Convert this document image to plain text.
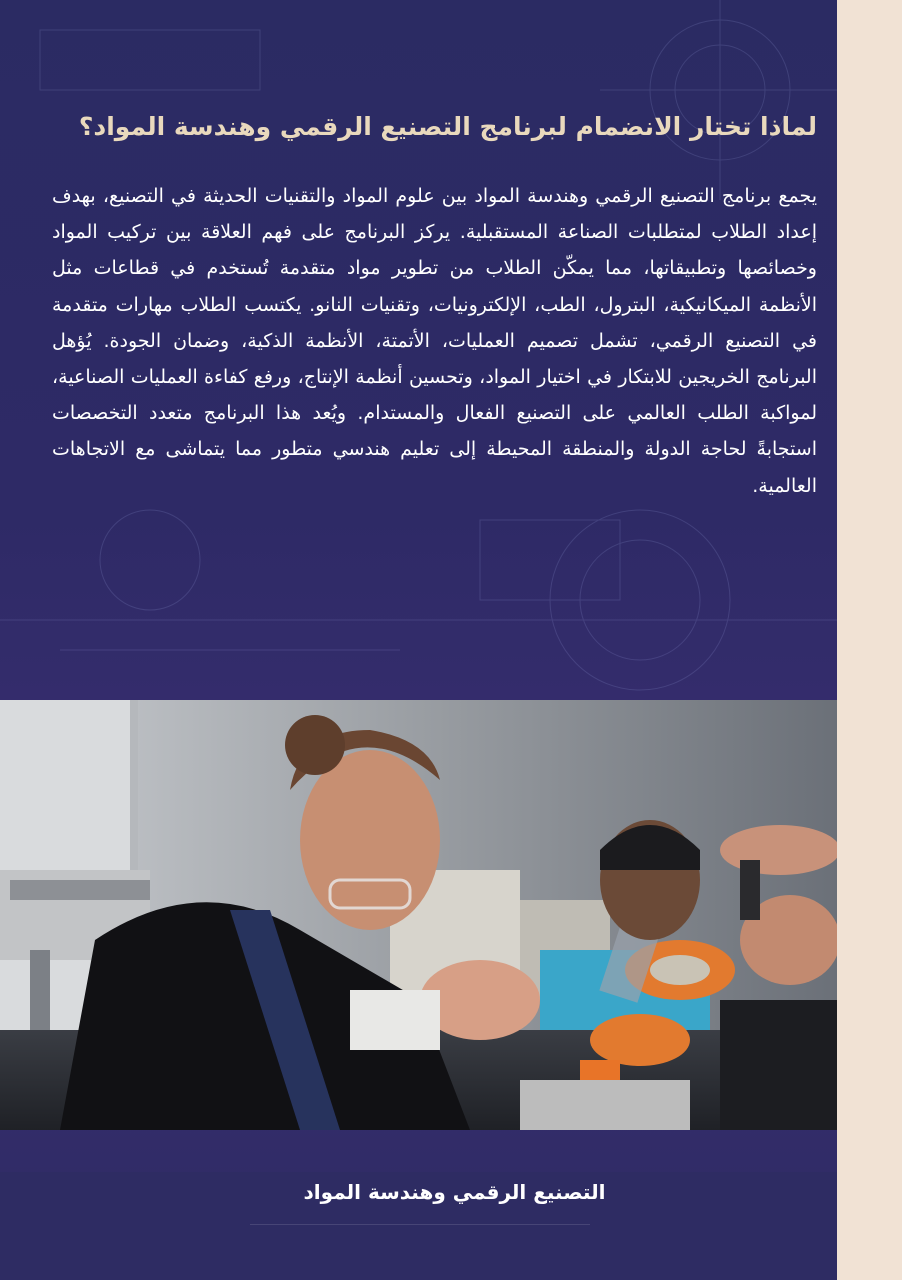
لماذا تختار الانضمام لبرنامج التصنيع الرقمي وهندسة المواد؟

يجمع برنامج التصنيع الرقمي وهندسة المواد بين علوم المواد والتقنيات الحديثة في التصنيع، بهدف إعداد الطلاب لمتطلبات الصناعة المستقبلية. يركز البرنامج على فهم العلاقة بين تركيب المواد وخصائصها وتطبيقاتها، مما يمكّن الطلاب من تطوير مواد متقدمة تُستخدم في قطاعات مثل الأنظمة الميكانيكية، البترول، الطب، الإلكترونيات، وتقنيات النانو. يكتسب الطلاب مهارات متقدمة في التصنيع الرقمي، تشمل تصميم العمليات، الأتمتة، الأنظمة الذكية، وضمان الجودة. يُؤهل البرنامج الخريجين للابتكار في اختيار المواد، وتحسين أنظمة الإنتاج، ورفع كفاءة العمليات الصناعية، لمواكبة الطلب العالمي على التصنيع الفعال والمستدام. ويُعد هذا البرنامج متعدد التخصصات استجابةً لحاجة الدولة والمنطقة المحيطة إلى تعليم هندسي متطور مما يتماشى مع الاتجاهات العالمية.

التصنيع الرقمي وهندسة المواد
